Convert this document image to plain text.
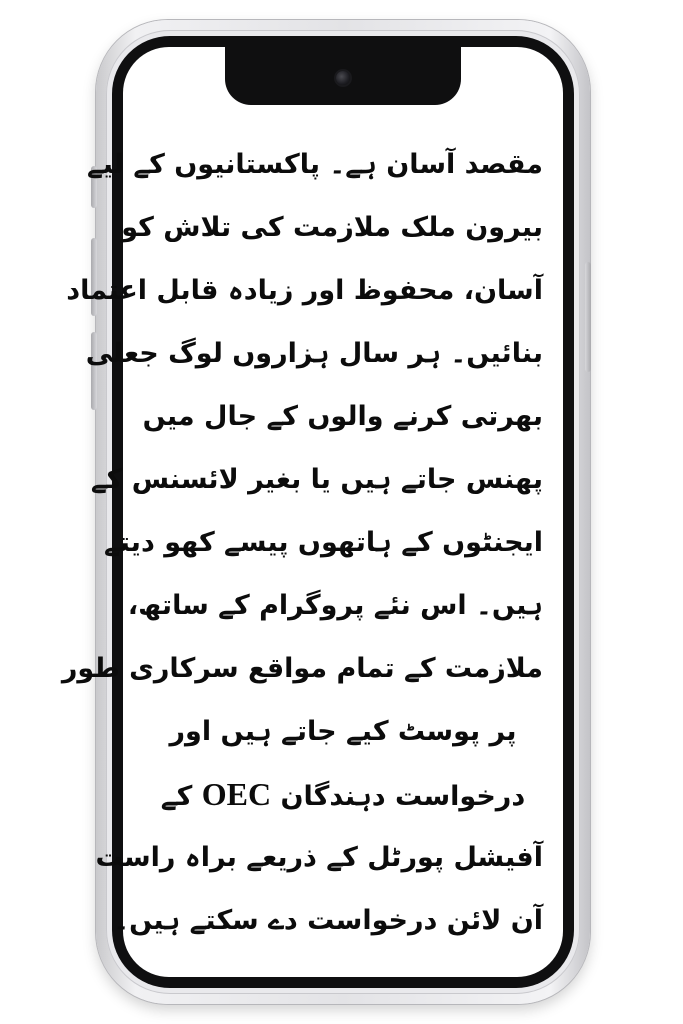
مقصد آسان ہے۔ پاکستانیوں کے لیے
بیرون ملک ملازمت کی تلاش کو
آسان، محفوظ اور زیادہ قابل اعتماد
بنائیں۔ ہر سال ہزاروں لوگ جعلی
بھرتی کرنے والوں کے جال میں
پھنس جاتے ہیں یا بغیر لائسنس کے
ایجنٹوں کے ہاتھوں پیسے کھو دیتے
ہیں۔ اس نئے پروگرام کے ساتھ،
ملازمت کے تمام مواقع سرکاری طور
پر پوسٹ کیے جاتے ہیں اور
درخواست دہندگان OEC کے
آفیشل پورٹل کے ذریعے براہ راست
آن لائن درخواست دے سکتے ہیں۔
